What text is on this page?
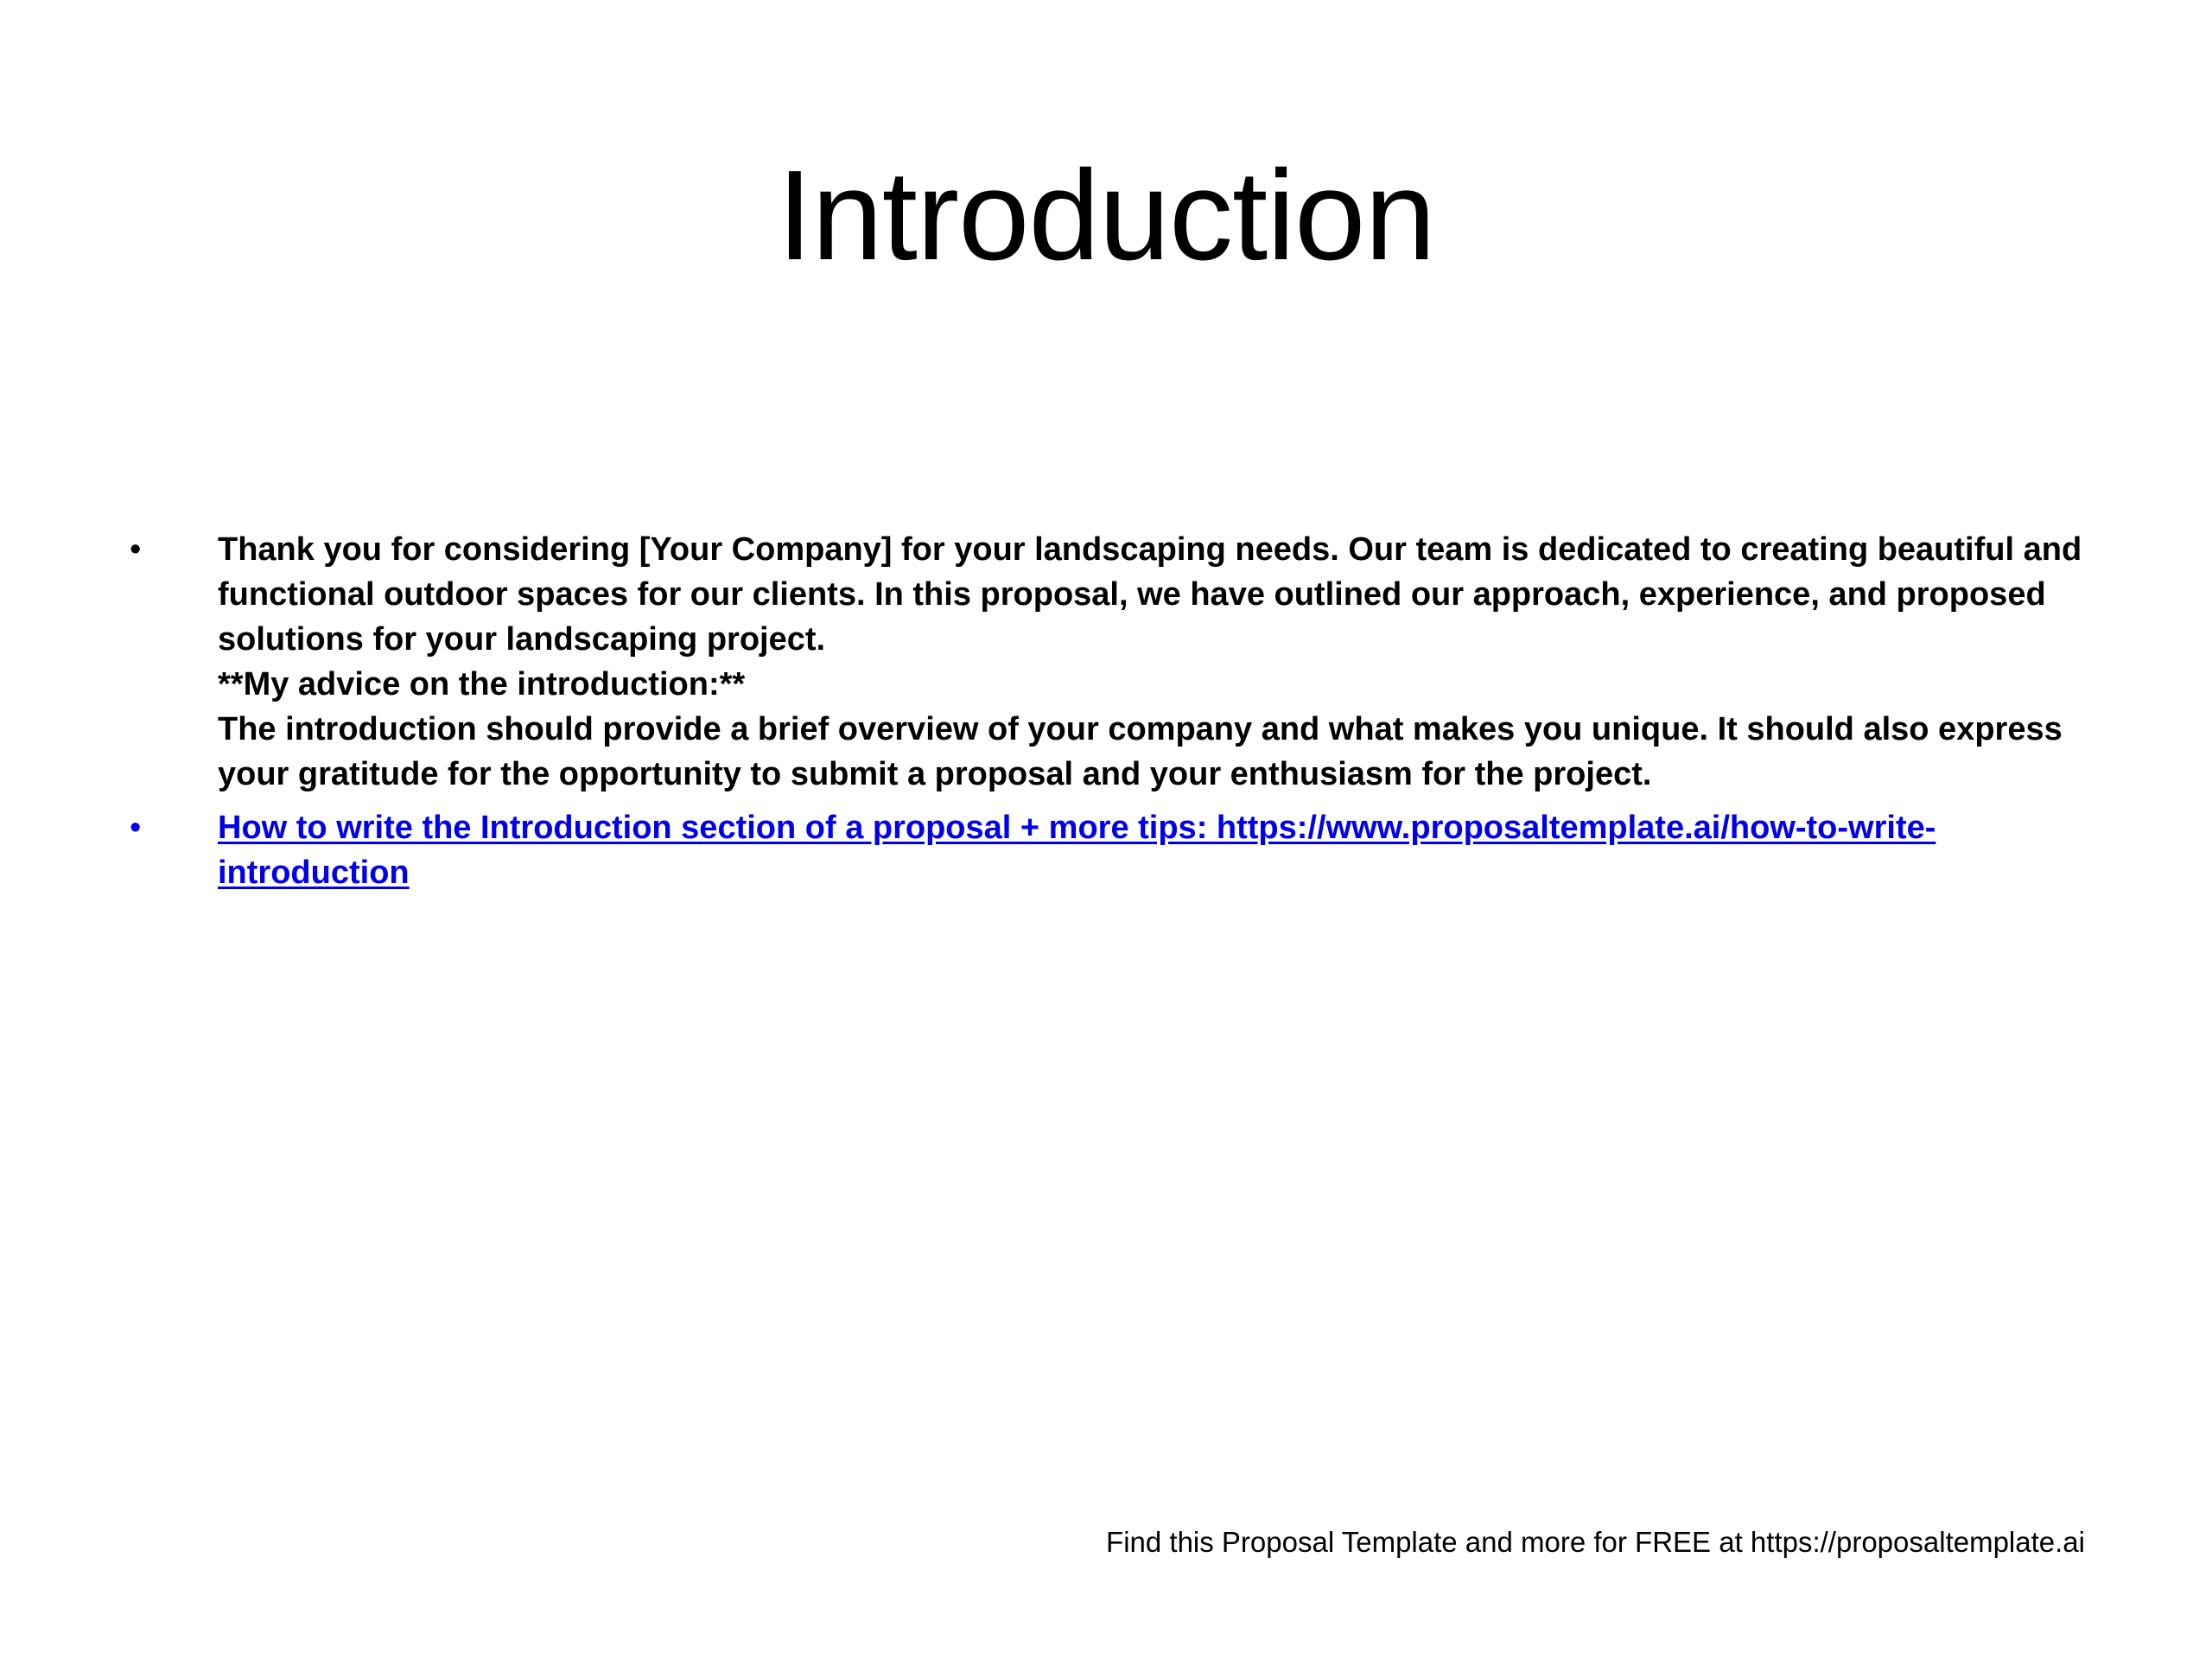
Introduction
•	Thank you for considering [Your Company] for your landscaping needs. Our team is dedicated to creating beautiful and functional outdoor spaces for our clients. In this proposal, we have outlined our approach, experience, and proposed solutions for your landscaping project.
**My advice on the introduction:**
The introduction should provide a brief overview of your company and what makes you unique. It should also express your gratitude for the opportunity to submit a proposal and your enthusiasm for the project.
•	How to write the Introduction section of a proposal + more tips: https://www.proposaltemplate.ai/how-to-write-introduction
Find this Proposal Template and more for FREE at https://proposaltemplate.ai
